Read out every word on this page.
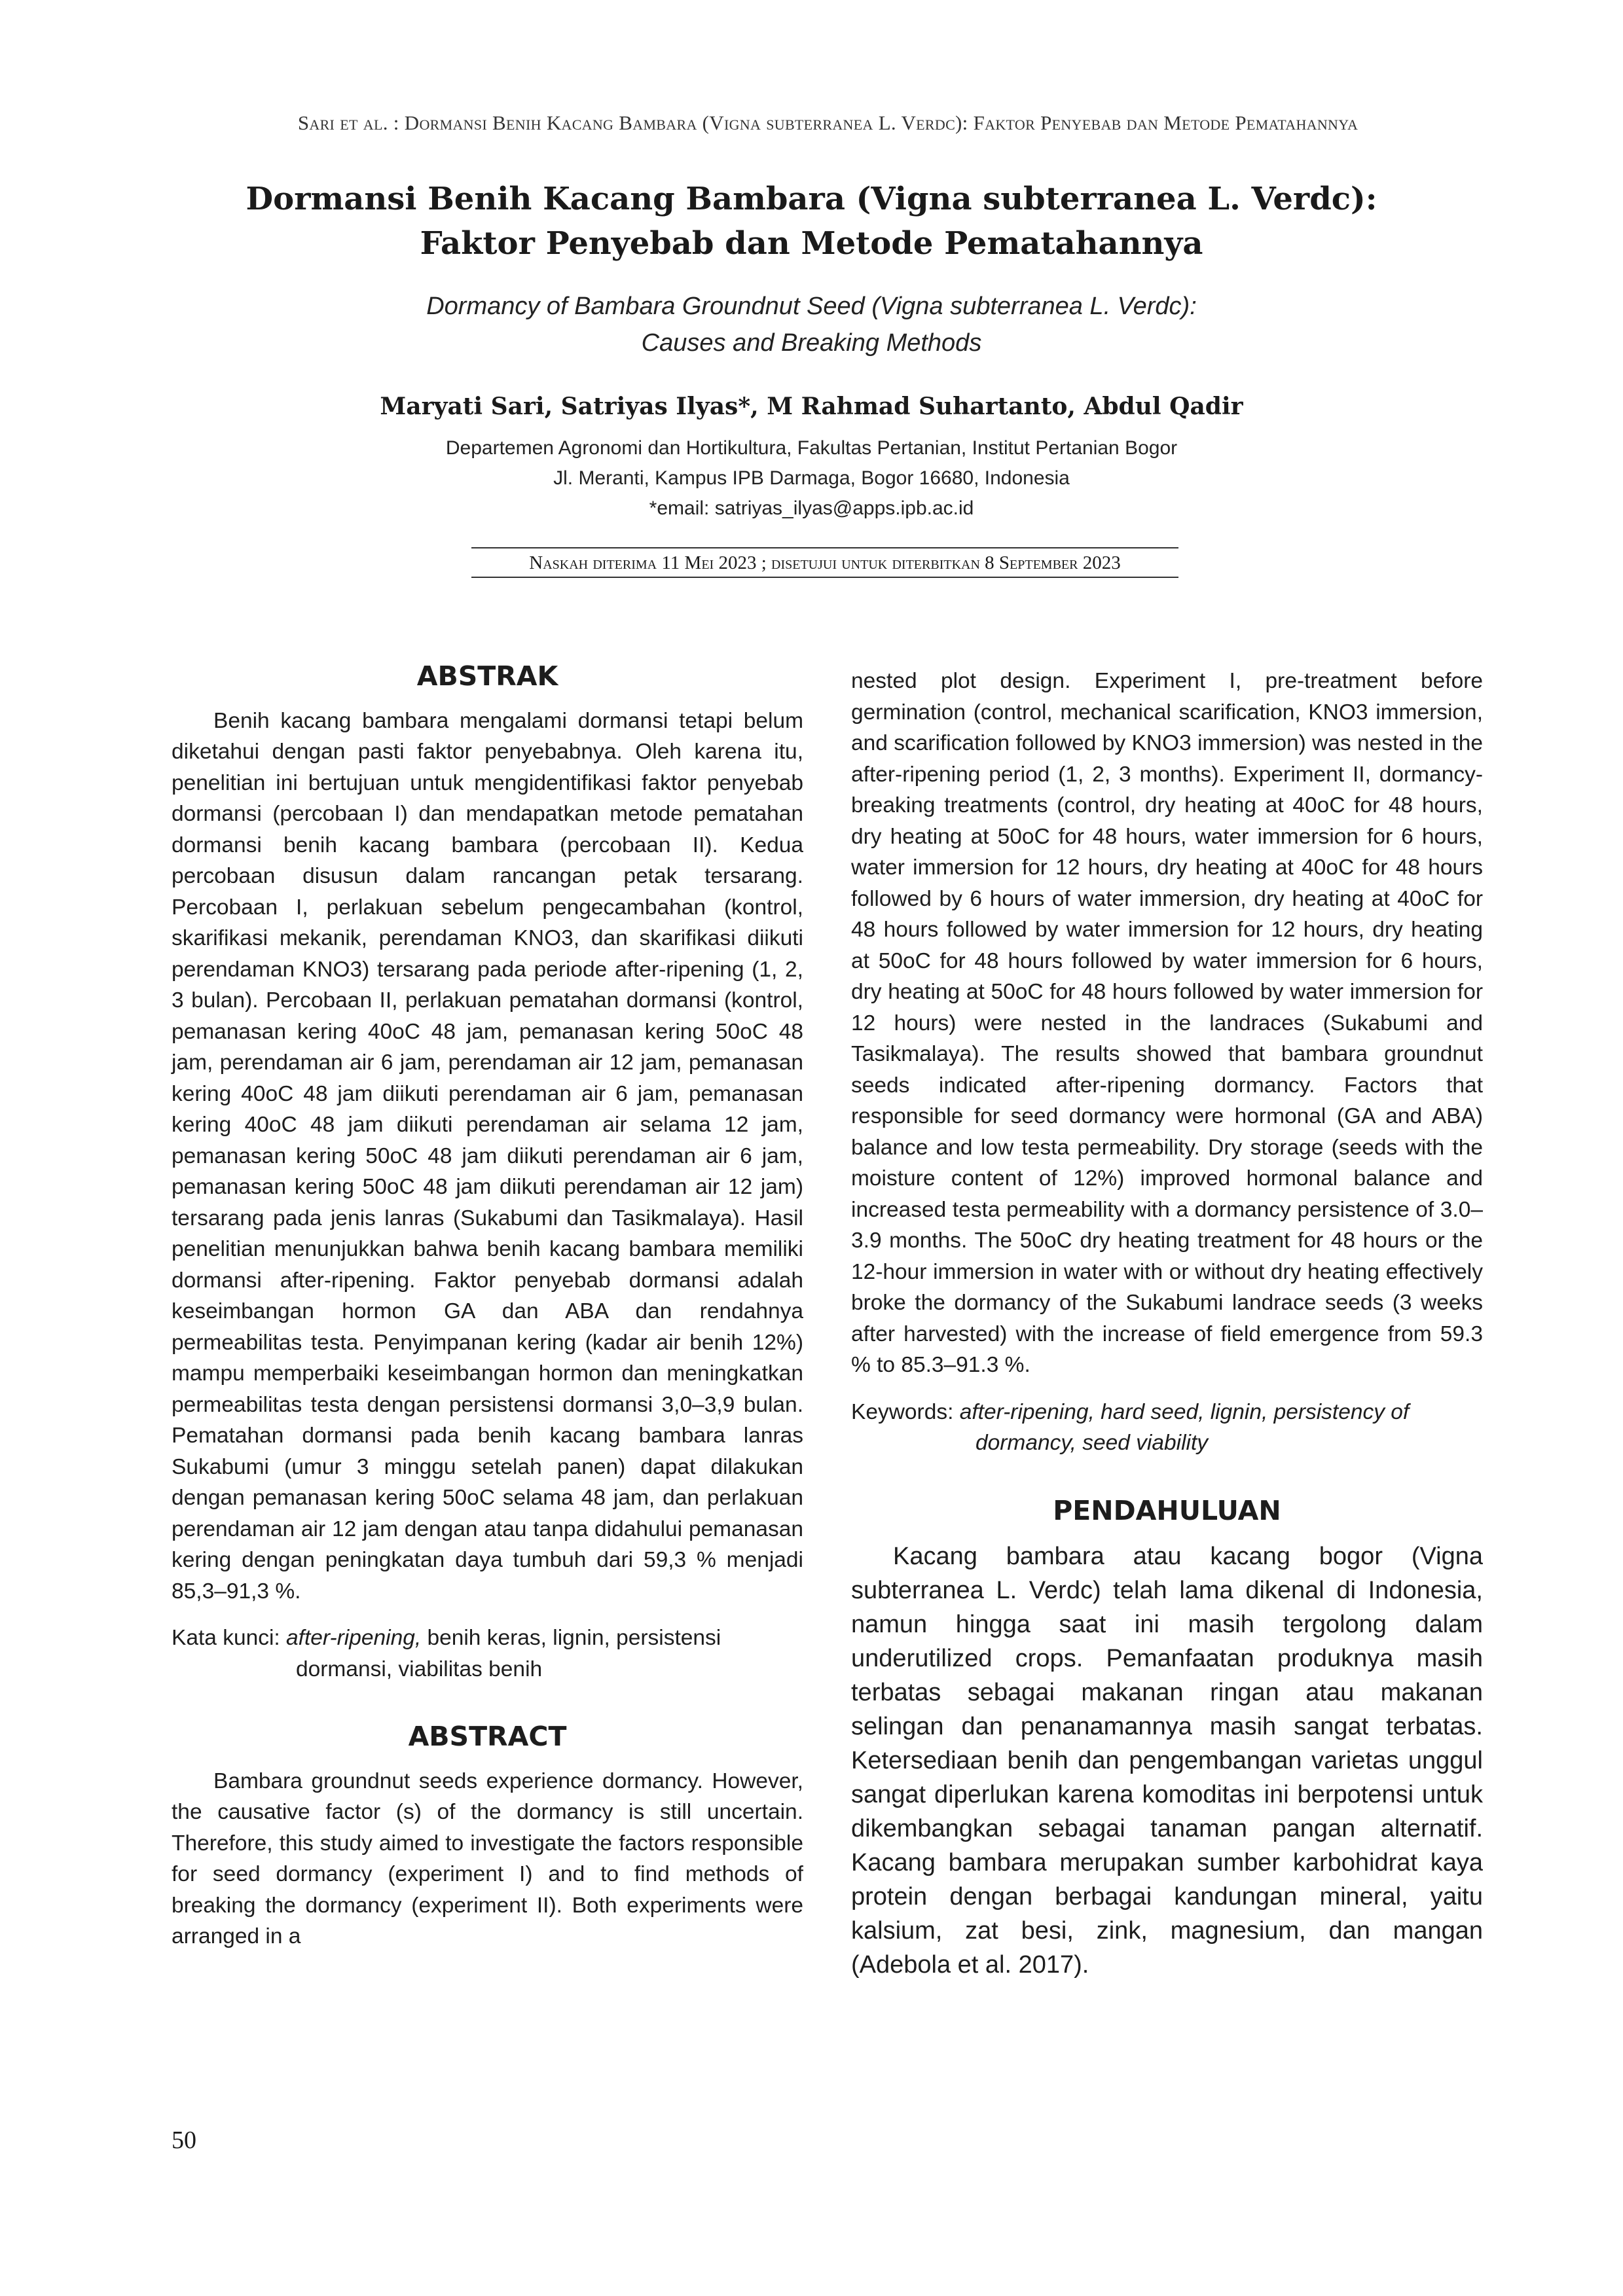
Sari et al. : Dormansi Benih Kacang Bambara (Vigna subterranea L. Verdc): Faktor Penyebab dan Metode Pematahannya
Dormansi Benih Kacang Bambara (Vigna subterranea L. Verdc):
Faktor Penyebab dan Metode Pematahannya
Dormancy of Bambara Groundnut Seed (Vigna subterranea L. Verdc):
Causes and Breaking Methods
Maryati Sari, Satriyas Ilyas*, M Rahmad Suhartanto, Abdul Qadir
Departemen Agronomi dan Hortikultura, Fakultas Pertanian, Institut Pertanian Bogor
Jl. Meranti, Kampus IPB Darmaga, Bogor 16680, Indonesia
*email: satriyas_ilyas@apps.ipb.ac.id
Naskah diterima 11 Mei 2023 ; disetujui untuk diterbitkan 8 September 2023
ABSTRAK

Benih kacang bambara mengalami dormansi tetapi belum diketahui dengan pasti faktor penyebabnya. Oleh karena itu, penelitian ini bertujuan untuk mengidentifikasi faktor penyebab dormansi (percobaan I) dan mendapatkan metode pematahan dormansi benih kacang bambara (percobaan II). Kedua percobaan disusun dalam rancangan petak tersarang. Percobaan I, perlakuan sebelum pengecambahan (kontrol, skarifikasi mekanik, perendaman KNO3, dan skarifikasi diikuti perendaman KNO3) tersarang pada periode after-ripening (1, 2, 3 bulan). Percobaan II, perlakuan pematahan dormansi (kontrol, pemanasan kering 40oC 48 jam, pemanasan kering 50oC 48 jam, perendaman air 6 jam, perendaman air 12 jam, pemanasan kering 40oC 48 jam diikuti perendaman air 6 jam, pemanasan kering 40oC 48 jam diikuti perendaman air selama 12 jam, pemanasan kering 50oC 48 jam diikuti perendaman air 6 jam, pemanasan kering 50oC 48 jam diikuti perendaman air 12 jam) tersarang pada jenis lanras (Sukabumi dan Tasikmalaya). Hasil penelitian menunjukkan bahwa benih kacang bambara memiliki dormansi after-ripening. Faktor penyebab dormansi adalah keseimbangan hormon GA dan ABA dan rendahnya permeabilitas testa. Penyimpanan kering (kadar air benih 12%) mampu memperbaiki keseimbangan hormon dan meningkatkan permeabilitas testa dengan persistensi dormansi 3,0–3,9 bulan. Pematahan dormansi pada benih kacang bambara lanras Sukabumi (umur 3 minggu setelah panen) dapat dilakukan dengan pemanasan kering 50oC selama 48 jam, dan perlakuan perendaman air 12 jam dengan atau tanpa didahului pemanasan kering dengan peningkatan daya tumbuh dari 59,3 % menjadi 85,3–91,3 %.

Kata kunci: after-ripening, benih keras, lignin, persistensi dormansi, viabilitas benih

ABSTRACT

Bambara groundnut seeds experience dormancy. However, the causative factor (s) of the dormancy is still uncertain. Therefore, this study aimed to investigate the factors responsible for seed dormancy (experiment I) and to find methods of breaking the dormancy (experiment II). Both experiments were arranged in a

nested plot design. Experiment I, pre-treatment before germination (control, mechanical scarification, KNO3 immersion, and scarification followed by KNO3 immersion) was nested in the after-ripening period (1, 2, 3 months). Experiment II, dormancy-breaking treatments (control, dry heating at 40oC for 48 hours, dry heating at 50oC for 48 hours, water immersion for 6 hours, water immersion for 12 hours, dry heating at 40oC for 48 hours followed by 6 hours of water immersion, dry heating at 40oC for 48 hours followed by water immersion for 12 hours, dry heating at 50oC for 48 hours followed by water immersion for 6 hours, dry heating at 50oC for 48 hours followed by water immersion for 12 hours) were nested in the landraces (Sukabumi and Tasikmalaya). The results showed that bambara groundnut seeds indicated after-ripening dormancy. Factors that responsible for seed dormancy were hormonal (GA and ABA) balance and low testa permeability. Dry storage (seeds with the moisture content of 12%) improved hormonal balance and increased testa permeability with a dormancy persistence of 3.0–3.9 months. The 50oC dry heating treatment for 48 hours or the 12-hour immersion in water with or without dry heating effectively broke the dormancy of the Sukabumi landrace seeds (3 weeks after harvested) with the increase of field emergence from 59.3 % to 85.3–91.3 %.

Keywords: after-ripening, hard seed, lignin, persistency of dormancy, seed viability

PENDAHULUAN

Kacang bambara atau kacang bogor (Vigna subterranea L. Verdc) telah lama dikenal di Indonesia, namun hingga saat ini masih tergolong dalam underutilized crops. Pemanfaatan produknya masih terbatas sebagai makanan ringan atau makanan selingan dan penanamannya masih sangat terbatas. Ketersediaan benih dan pengembangan varietas unggul sangat diperlukan karena komoditas ini berpotensi untuk dikembangkan sebagai tanaman pangan alternatif. Kacang bambara merupakan sumber karbohidrat kaya protein dengan berbagai kandungan mineral, yaitu kalsium, zat besi, zink, magnesium, dan mangan (Adebola et al. 2017).

50
